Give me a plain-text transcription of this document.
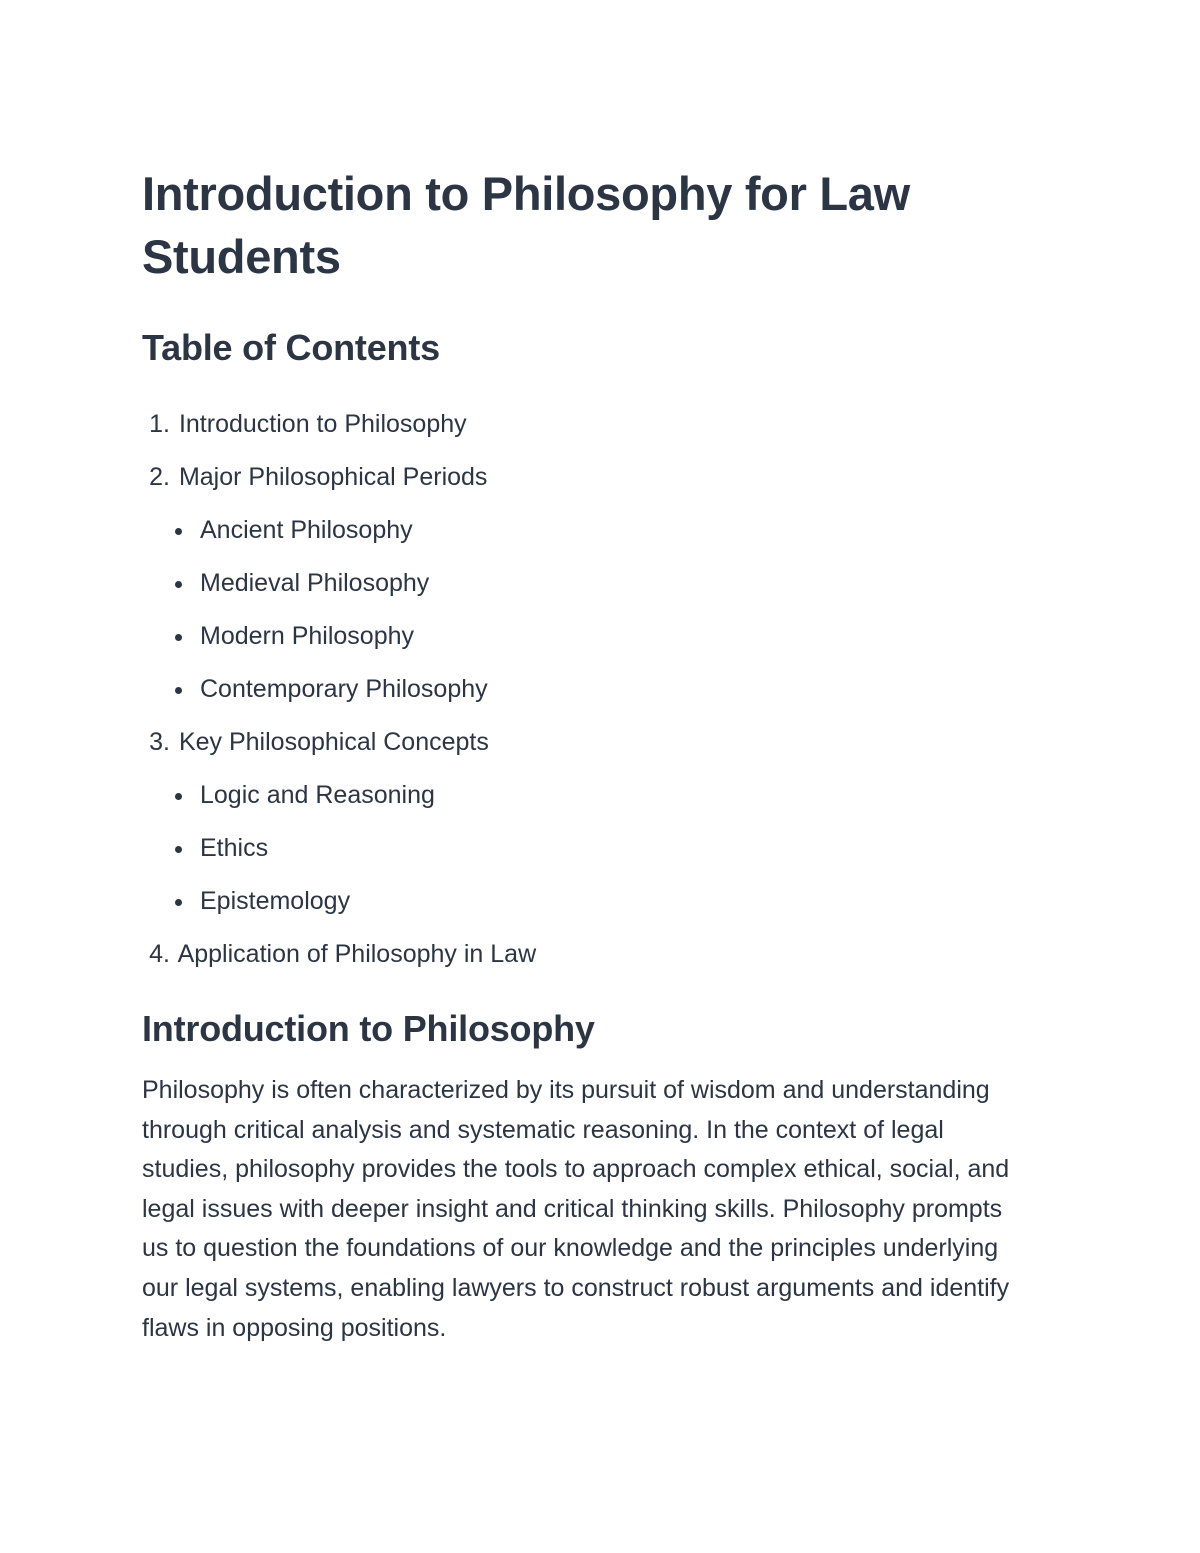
Introduction to Philosophy for Law Students
Table of Contents
1. Introduction to Philosophy
2. Major Philosophical Periods
Ancient Philosophy
Medieval Philosophy
Modern Philosophy
Contemporary Philosophy
3. Key Philosophical Concepts
Logic and Reasoning
Ethics
Epistemology
4. Application of Philosophy in Law
Introduction to Philosophy

Philosophy is often characterized by its pursuit of wisdom and understanding through critical analysis and systematic reasoning. In the context of legal studies, philosophy provides the tools to approach complex ethical, social, and legal issues with deeper insight and critical thinking skills. Philosophy prompts us to question the foundations of our knowledge and the principles underlying our legal systems, enabling lawyers to construct robust arguments and identify flaws in opposing positions.
